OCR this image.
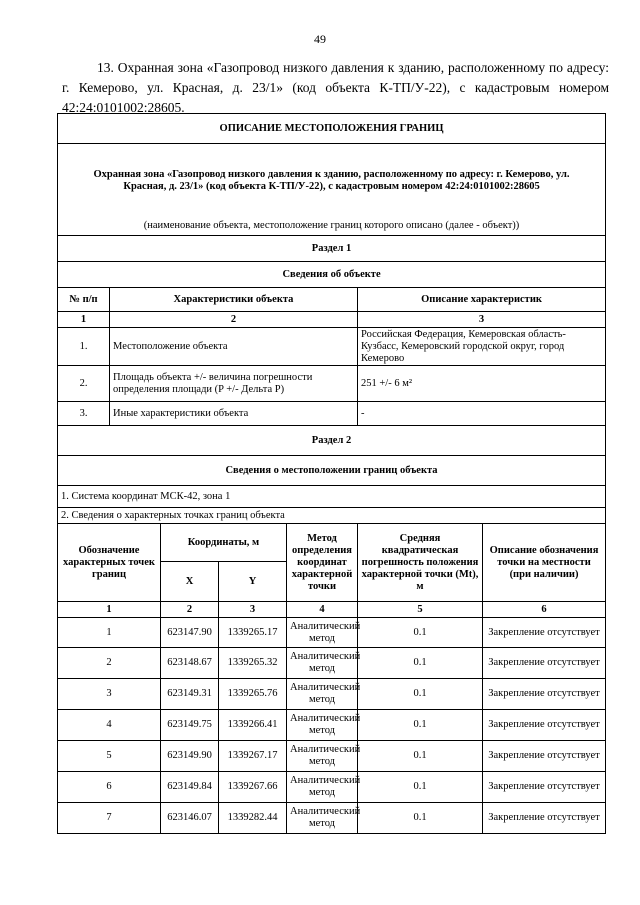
49
13. Охранная зона «Газопровод низкого давления к зданию, расположенному по адресу: г. Кемерово, ул. Красная, д. 23/1» (код объекта К-ТП/У-22), с кадастровым номером 42:24:0101002:28605.
ОПИСАНИЕ МЕСТОПОЛОЖЕНИЯ ГРАНИЦ						
Охранная зона «Газопровод низкого давления к зданию, расположенному по адресу: г. Кемерово, ул. Красная, д. 23/1» (код объекта К-ТП/У-22), с кадастровым номером 42:24:0101002:28605						
(наименование объекта, местоположение границ которого описано (далее - объект))						
Раздел 1						
Сведения об объекте						
№ п/п	Характеристики объекта				Описание характеристик	
1	2				3	
1.	Местоположение объекта				Российская Федерация, Кемеровская область-Кузбасс, Кемеровский городской округ, город Кемерово	
2.	Площадь объекта +/- величина погрешности определения площади (P +/- Дельта P)				251 +/- 6 м²	
3.	Иные характеристики объекта				-	
Раздел 2						
Сведения о местоположении границ объекта						
1. Система координат МСК-42, зона 1						
2. Сведения о характерных точках границ объекта						
Обозначение характерных точек границ		Координаты, м		Метод определения координат характерной точки	Средняя квадратическая погрешность положения характерной точки (Mt), м	Описание обозначения точки на местности (при наличии)
		X	Y			
1		2	3	4	5	6
1		623147.90	1339265.17	Аналитический метод	0.1	Закрепление отсутствует
2		623148.67	1339265.32	Аналитический метод	0.1	Закрепление отсутствует
3		623149.31	1339265.76	Аналитический метод	0.1	Закрепление отсутствует
4		623149.75	1339266.41	Аналитический метод	0.1	Закрепление отсутствует
5		623149.90	1339267.17	Аналитический метод	0.1	Закрепление отсутствует
6		623149.84	1339267.66	Аналитический метод	0.1	Закрепление отсутствует
7		623146.07	1339282.44	Аналитический метод	0.1	Закрепление отсутствует
